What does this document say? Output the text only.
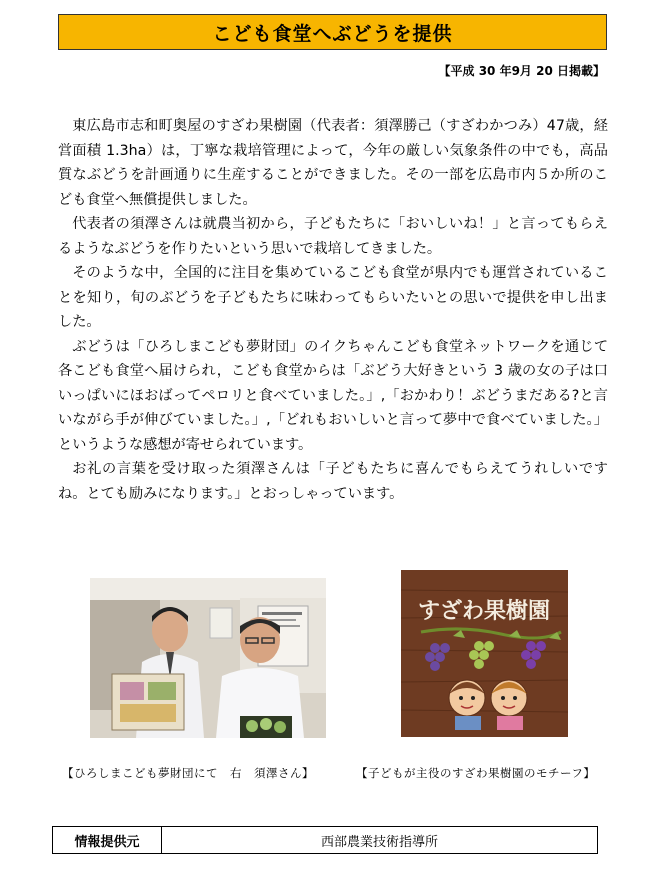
こども食堂へぶどうを提供
【平成 30 年9月 20 日掲載】

東広島市志和町奥屋のすざわ果樹園（代表者：須澤勝己（すざわかつみ）47歳，経営面積 1.3ha）は，丁寧な栽培管理によって，今年の厳しい気象条件の中でも，高品質なぶどうを計画通りに生産することができました。その一部を広島市内５か所のこども食堂へ無償提供しました。

代表者の須澤さんは就農当初から，子どもたちに「おいしいね！」と言ってもらえるようなぶどうを作りたいという思いで栽培してきました。

そのような中，全国的に注目を集めているこども食堂が県内でも運営されていることを知り，旬のぶどうを子どもたちに味わってもらいたいとの思いで提供を申し出ました。

ぶどうは「ひろしまこども夢財団」のイクちゃんこども食堂ネットワークを通じて各こども食堂へ届けられ，こども食堂からは「ぶどう大好きという 3 歳の女の子は口いっぱいにほおばってペロリと食べていました。」,「おかわり！ぶどうまだある?と言いながら手が伸びていました。」,「どれもおいしいと言って夢中で食べていました。」というような感想が寄せられています。

お礼の言葉を受け取った須澤さんは「子どもたちに喜んでもらえてうれしいですね。とても励みになります。」とおっしゃっています。

すざわ果樹園
【ひろしまこども夢財団にて　右　須澤さん】	【子どもが主役のすざわ果樹園のモチーフ】
情報提供元	西部農業技術指導所
